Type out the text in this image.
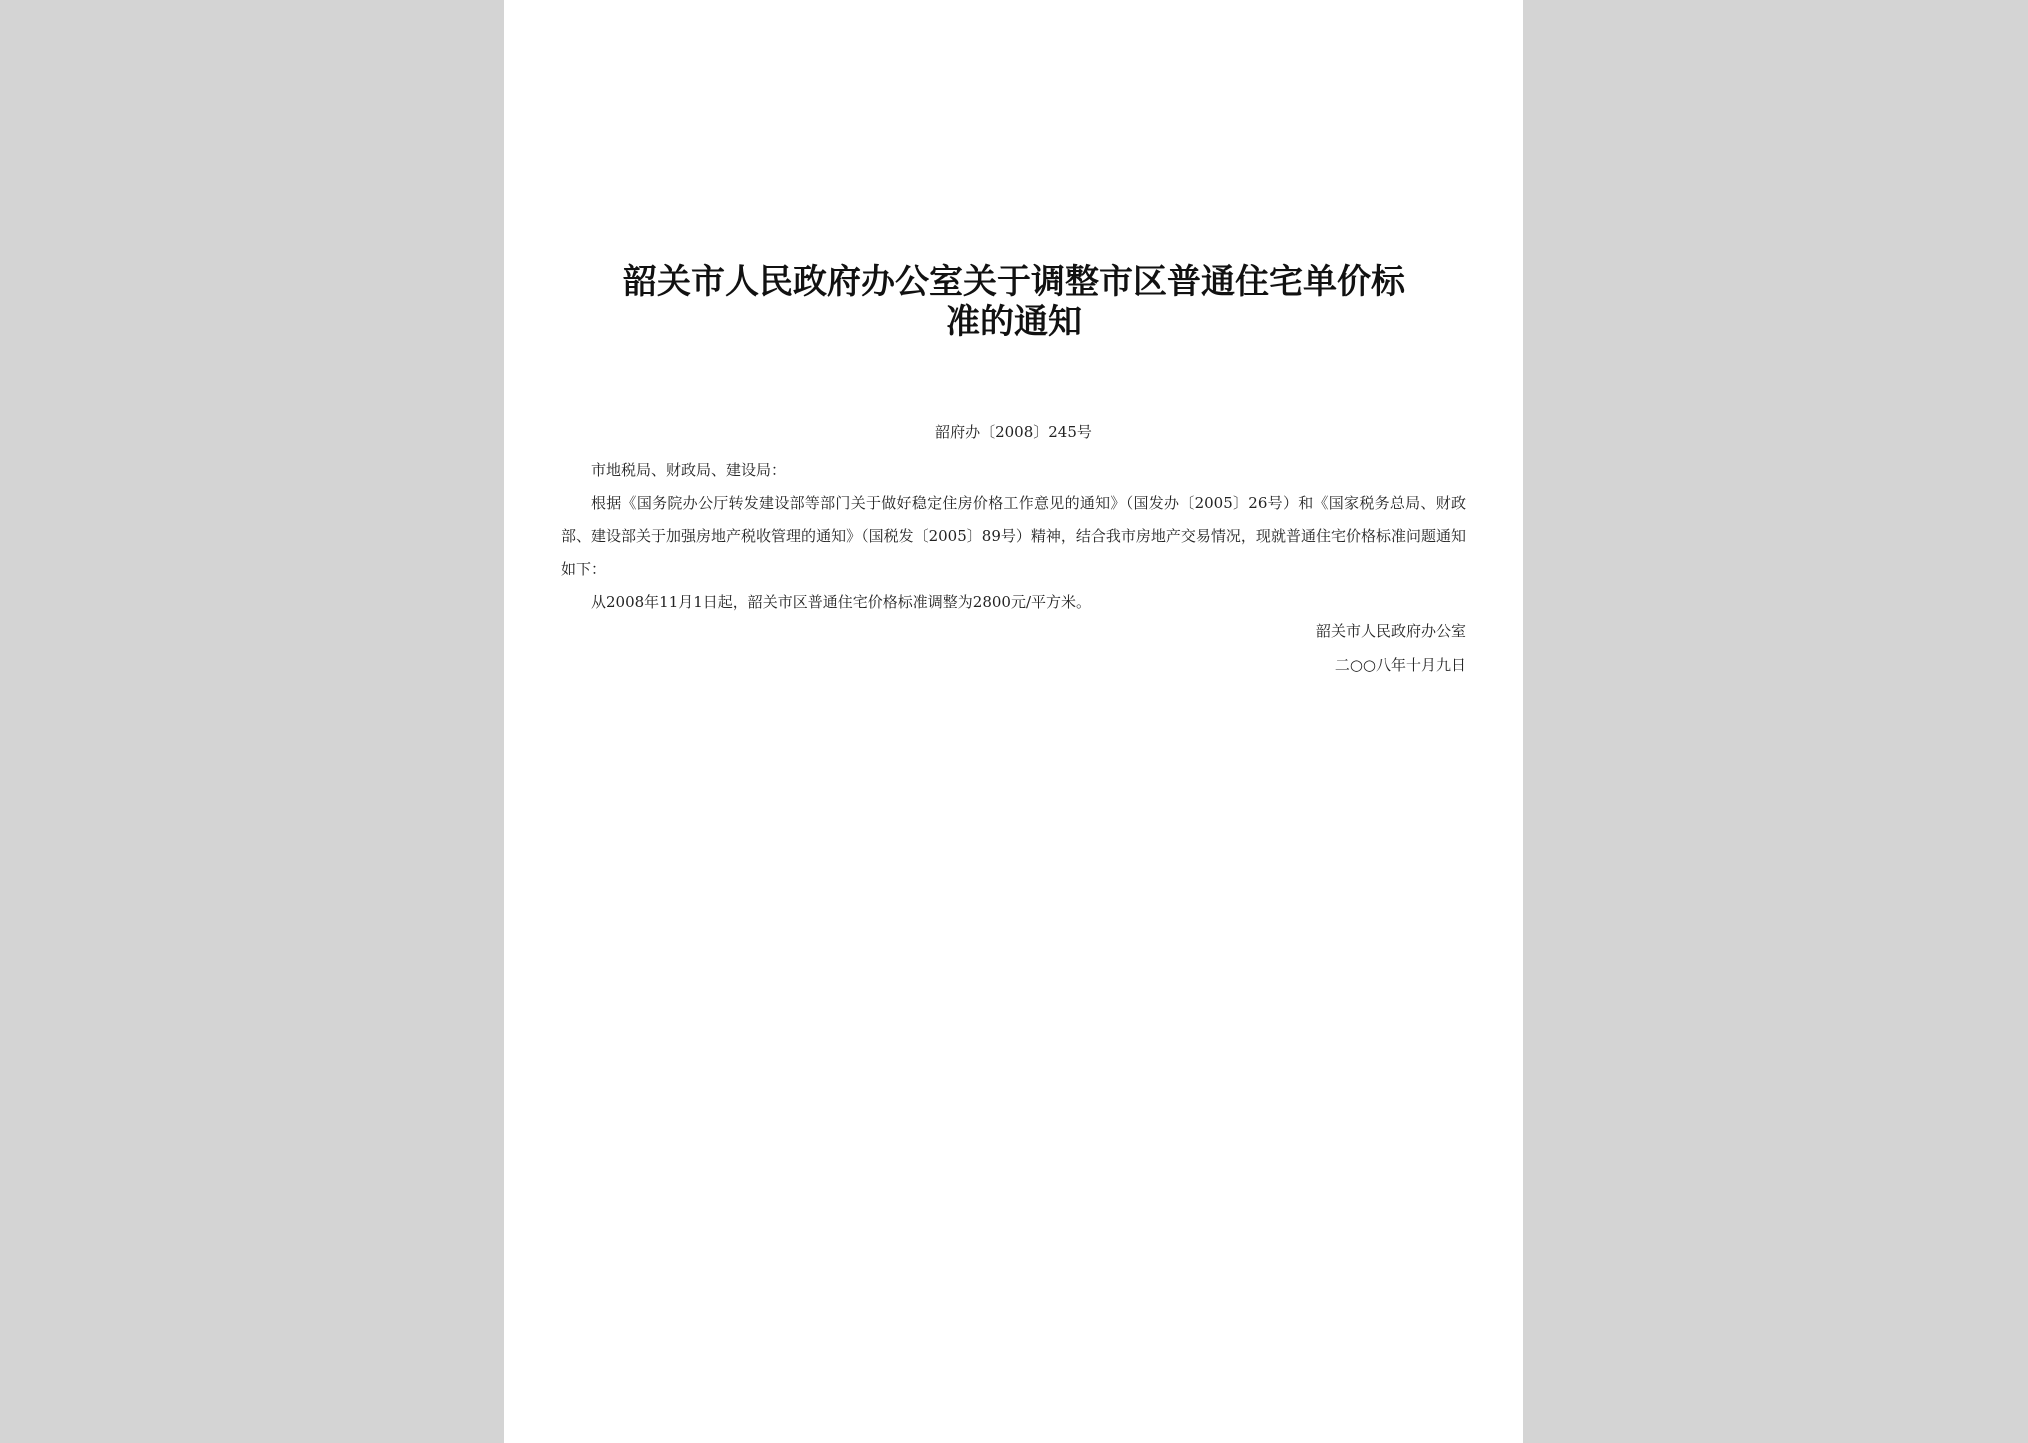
韶关市人民政府办公室关于调整市区普通住宅单价标
准的通知
韶府办〔2008〕245号

市地税局、财政局、建设局：

根据《国务院办公厅转发建设部等部门关于做好稳定住房价格工作意见的通知》（国发办〔2005〕26号）和《国家税务总局、财政部、建设部关于加强房地产税收管理的通知》（国税发〔2005〕89号）精神，结合我市房地产交易情况，现就普通住宅价格标准问题通知如下：

从2008年11月1日起，韶关市区普通住宅价格标准调整为2800元/平方米。

韶关市人民政府办公室

二○○八年十月九日
